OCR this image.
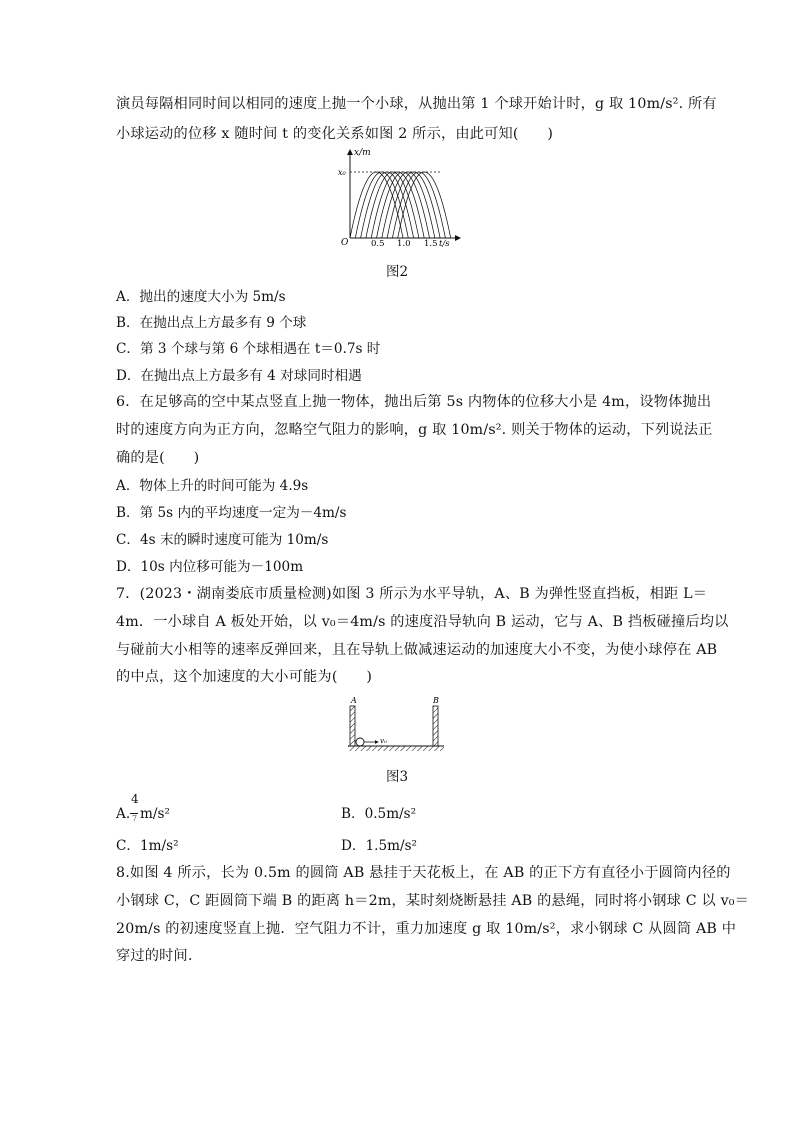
演员每隔相同时间以相同的速度上抛一个小球，从抛出第 1 个球开始计时，g 取 10m/s². 所有
小球运动的位移 x 随时间 t 的变化关系如图 2 所示，由此可知(　　)
x/m
x₀
O	0.5 1.0 1.5 t/s
图2
A．抛出的速度大小为 5m/s
B．在抛出点上方最多有 9 个球
C．第 3 个球与第 6 个球相遇在 t＝0.7s 时
D．在抛出点上方最多有 4 对球同时相遇
6．在足够高的空中某点竖直上抛一物体，抛出后第 5s 内物体的位移大小是 4m，设物体抛出
时的速度方向为正方向，忽略空气阻力的影响，g 取 10m/s². 则关于物体的运动，下列说法正
确的是(　　)
A．物体上升的时间可能为 4.9s
B．第 5s 内的平均速度一定为－4m/s
C．4s 末的瞬时速度可能为 10m/s
D．10s 内位移可能为－100m
7．(2023・湖南娄底市质量检测)如图 3 所示为水平导轨，A、B 为弹性竖直挡板，相距 L＝
4m．一小球自 A 板处开始，以 v₀＝4m/s 的速度沿导轨向 B 运动，它与 A、B 挡板碰撞后均以
与碰前大小相等的速率反弹回来，且在导轨上做减速运动的加速度大小不变，为使小球停在 AB
的中点，这个加速度的大小可能为(　　)
A	B
v₀
图3
A.
4
7 m/s²	B．0.5m/s²
C．1m/s²	D．1.5m/s²
8.如图 4 所示，长为 0.5m 的圆筒 AB 悬挂于天花板上，在 AB 的正下方有直径小于圆筒内径的
小钢球 C，C 距圆筒下端 B 的距离 h＝2m，某时刻烧断悬挂 AB 的悬绳，同时将小钢球 C 以 v₀＝
20m/s 的初速度竖直上抛．空气阻力不计，重力加速度 g 取 10m/s²，求小钢球 C 从圆筒 AB 中
穿过的时间．
